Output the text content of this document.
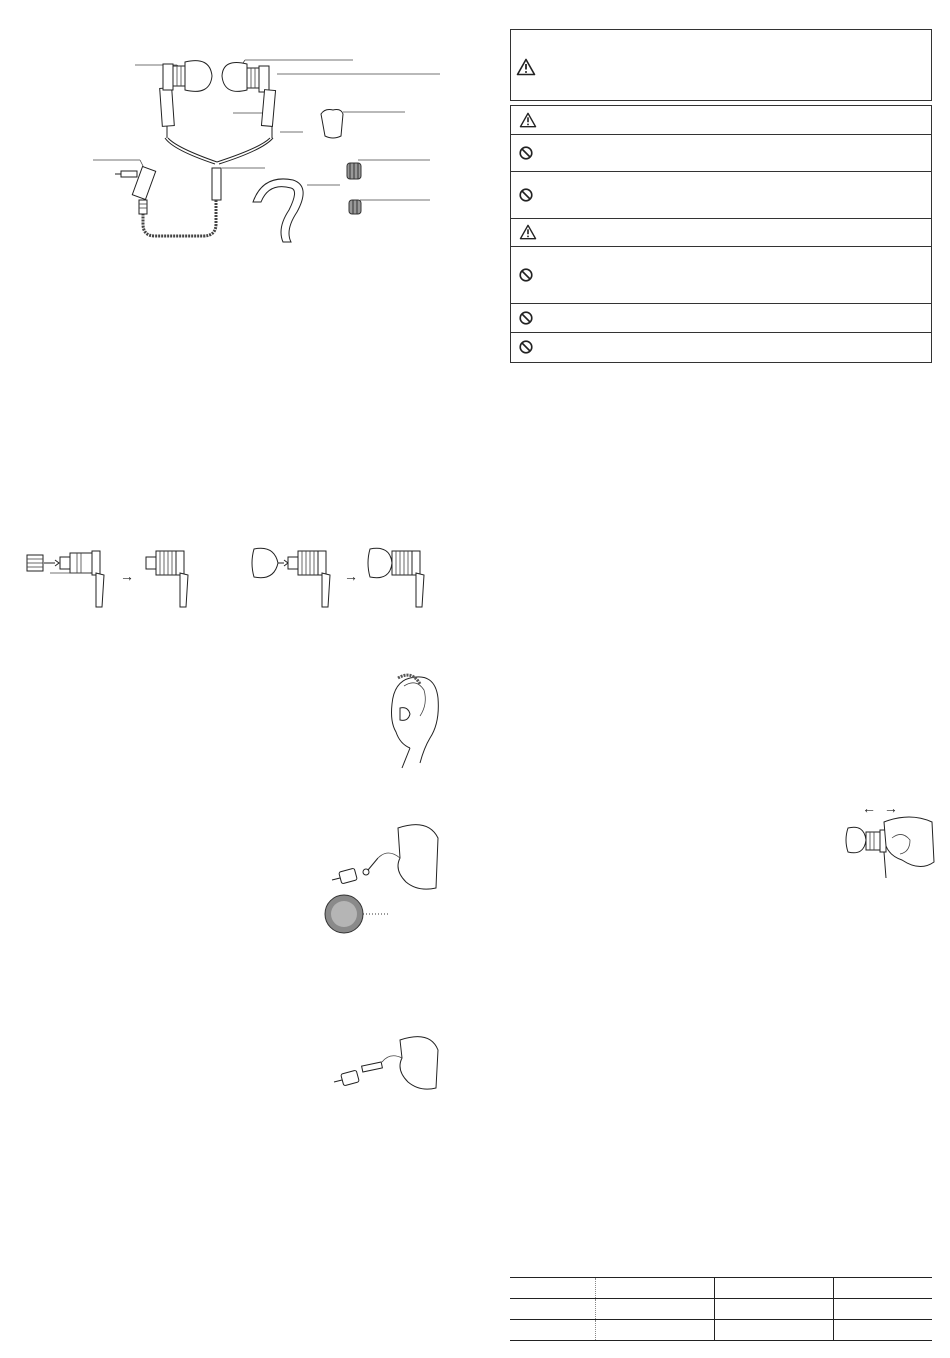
→	→
← →
